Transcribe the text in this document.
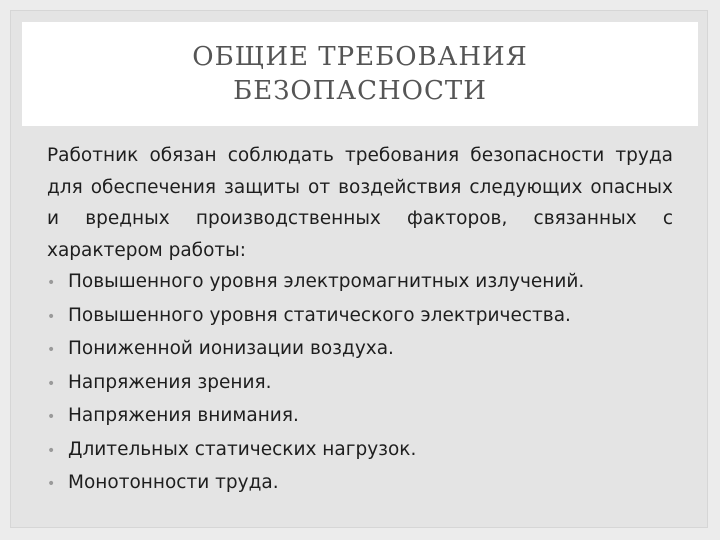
ОБЩИЕ ТРЕБОВАНИЯ
БЕЗОПАСНОСТИ

Работник обязан соблюдать требования безопасности труда для обеспечения защиты от воздействия следующих опасных и вредных производственных факторов, связанных с характером работы:

• Повышенного уровня электромагнитных излучений.
• Повышенного уровня статического электричества.
• Пониженной ионизации воздуха.
• Напряжения зрения.
• Напряжения внимания.
• Длительных статических нагрузок.
• Монотонности труда.
